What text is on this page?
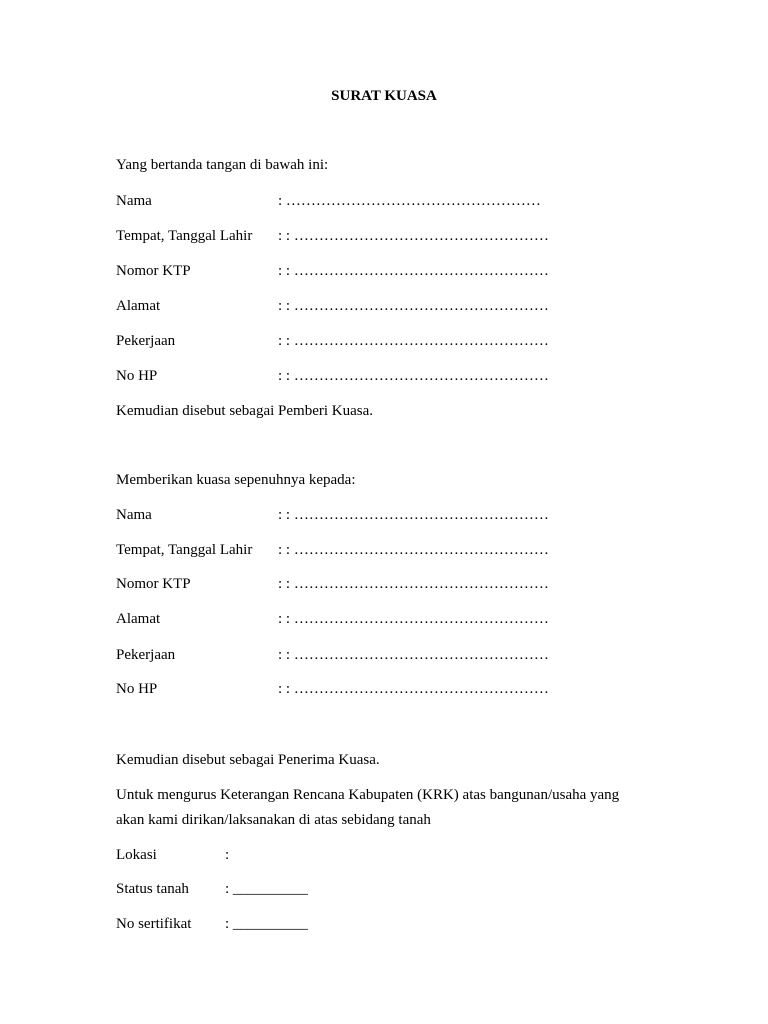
SURAT KUASA
Yang bertanda tangan di bawah ini:
Nama	: ……………………………………………
Tempat, Tanggal Lahir : : ……………………………………………
Nomor KTP	: : ……………………………………………
Alamat	: : ……………………………………………
Pekerjaan	: : ……………………………………………
No HP	: : ……………………………………………
Kemudian disebut sebagai Pemberi Kuasa.
Memberikan kuasa sepenuhnya kepada:
Nama	: : ……………………………………………
Tempat, Tanggal Lahir : : ……………………………………………
Nomor KTP	: : ……………………………………………
Alamat	: : ……………………………………………
Pekerjaan	: : ……………………………………………
No HP	: : ……………………………………………
Kemudian disebut sebagai Penerima Kuasa.
Untuk mengurus Keterangan Rencana Kabupaten (KRK) atas bangunan/usaha yang
akan kami dirikan/laksanakan di atas sebidang tanah
Lokasi	:
Status tanah : __________
No sertifikat : __________
